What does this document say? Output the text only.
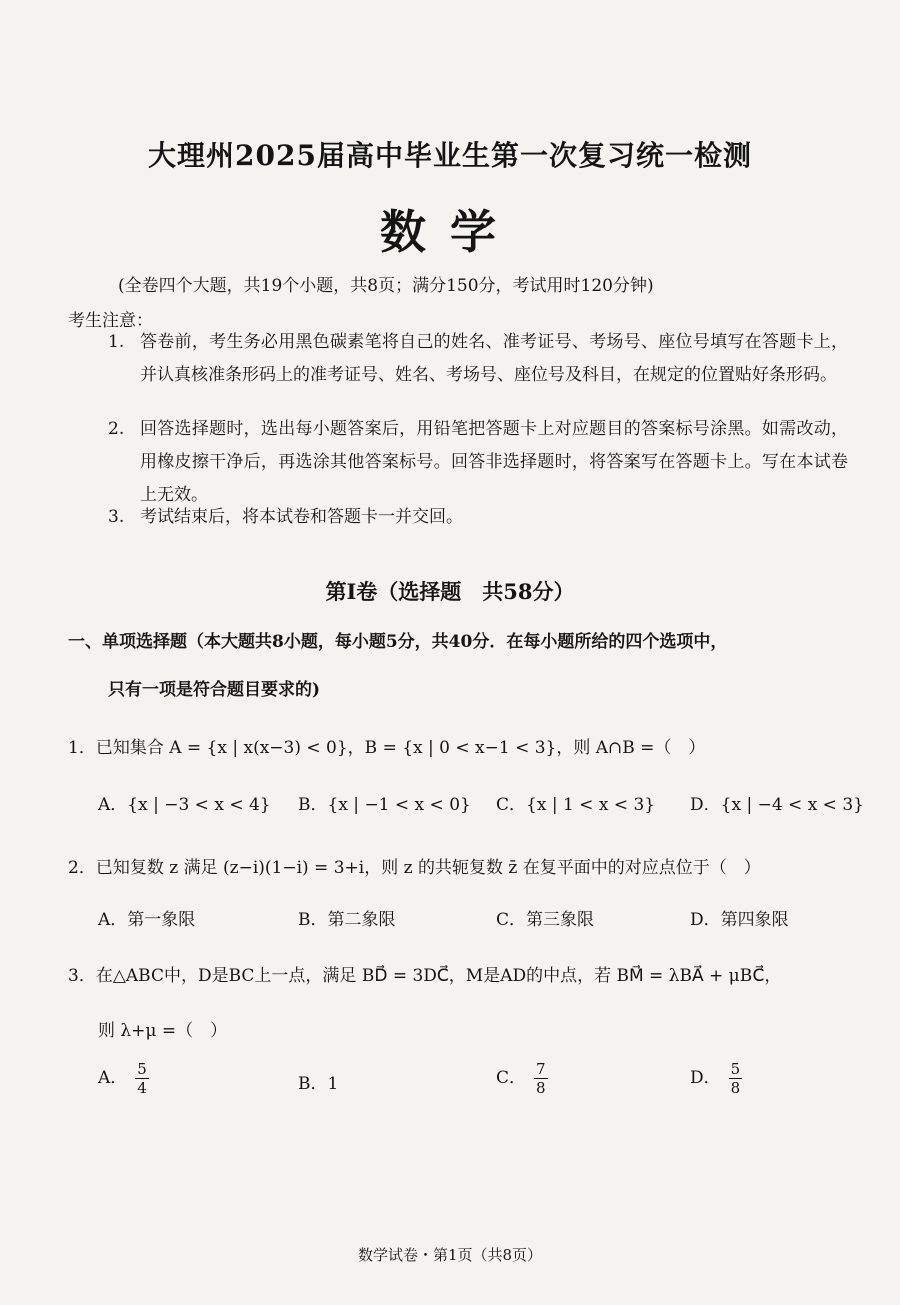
大理州2025届高中毕业生第一次复习统一检测
数学
(全卷四个大题，共19个小题，共8页；满分150分，考试用时120分钟)
考生注意：
1. 答卷前，考生务必用黑色碳素笔将自己的姓名、准考证号、考场号、座位号填写在答题卡上，并认真核准条形码上的准考证号、姓名、考场号、座位号及科目，在规定的位置贴好条形码。
2. 回答选择题时，选出每小题答案后，用铅笔把答题卡上对应题目的答案标号涂黑。如需改动，用橡皮擦干净后，再选涂其他答案标号。回答非选择题时，将答案写在答题卡上。写在本试卷上无效。
3. 考试结束后，将本试卷和答题卡一并交回。
第Ⅰ卷（选择题　共58分）
一、单项选择题（本大题共8小题，每小题5分，共40分．在每小题所给的四个选项中，
只有一项是符合题目要求的)
1．已知集合 A = {x | x(x−3) < 0}，B = {x | 0 < x−1 < 3}，则 A∩B =（　）
A．{x | −3 < x < 4} B．{x | −1 < x < 0} C．{x | 1 < x < 3} D．{x | −4 < x < 3}
2．已知复数 z 满足 (z−i)(1−i) = 3+i，则 z 的共轭复数 z̄ 在复平面中的对应点位于（　）
A．第一象限	B．第二象限	C．第三象限	D．第四象限
3．在△ABC中，D是BC上一点，满足 BD⃗ = 3DC⃗，M是AD的中点，若 BM⃗ = λBA⃗ + μBC⃗，
则 λ+μ =（　）
A． $\frac{5}{4}$	B．1	C． $\frac{7}{8}$	D． $\frac{5}{8}$
数学试卷・第1页（共8页）
